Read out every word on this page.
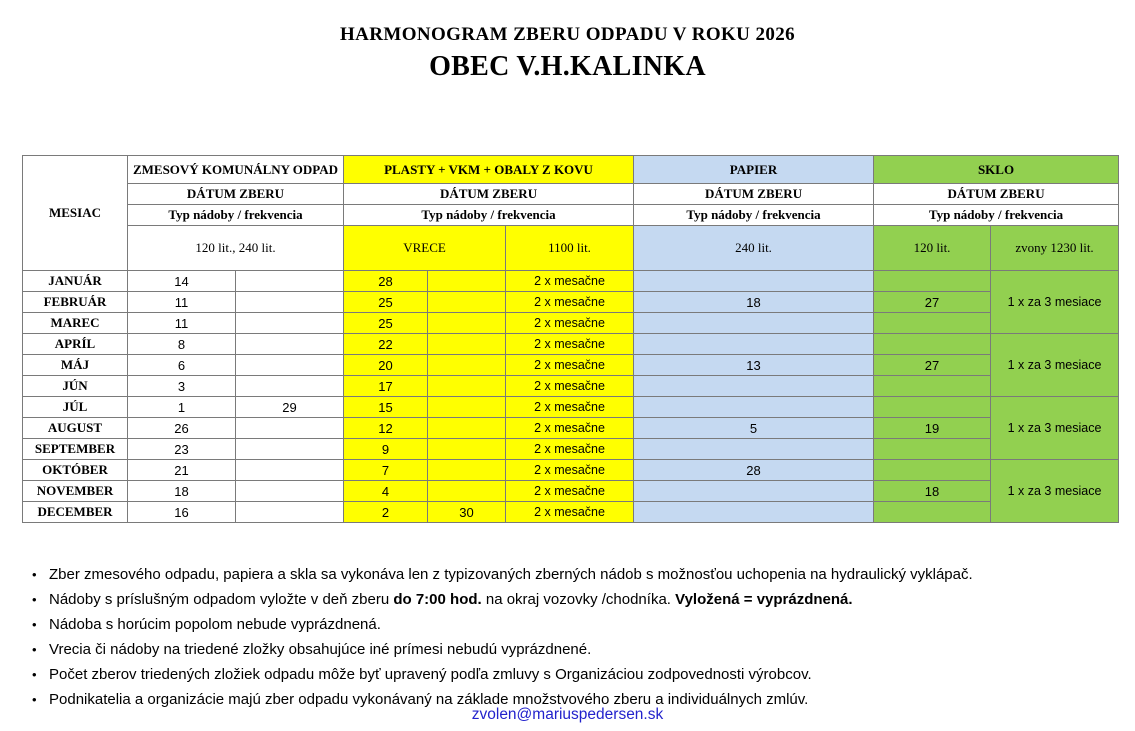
HARMONOGRAM ZBERU ODPADU V ROKU 2026
OBEC V.H.KALINKA
MESIAC	ZMESOVÝ KOMUNÁLNY ODPAD		PLASTY + VKM + OBALY Z KOVU			PAPIER	SKLO	
	DÁTUM ZBERU		DÁTUM ZBERU			DÁTUM ZBERU	DÁTUM ZBERU	
	Typ nádoby / frekvencia		Typ nádoby / frekvencia			Typ nádoby / frekvencia	Typ nádoby / frekvencia	
	120 lit., 240 lit.		VRECE		1100 lit.	240 lit.	120 lit.	zvony 1230 lit.
JANUÁR	14		28		2 x mesačne			1 x za 3 mesiace
FEBRUÁR	11		25		2 x mesačne	18	27	
MAREC	11		25		2 x mesačne			
APRÍL	8		22		2 x mesačne			1 x za 3 mesiace
MÁJ	6		20		2 x mesačne	13	27	
JÚN	3		17		2 x mesačne			
JÚL	1	29	15		2 x mesačne			1 x za 3 mesiace
AUGUST	26		12		2 x mesačne	5	19	
SEPTEMBER	23		9		2 x mesačne			
OKTÓBER	21		7		2 x mesačne	28		1 x za 3 mesiace
NOVEMBER	18		4		2 x mesačne		18	
DECEMBER	16		2	30	2 x mesačne			
• Zber zmesového odpadu, papiera a skla sa vykonáva len z typizovaných zberných nádob s možnosťou uchopenia na hydraulický vyklápač.
• Nádoby s príslušným odpadom vyložte v deň zberu do 7:00 hod. na okraj vozovky /chodníka. Vyložená = vyprázdnená.
• Nádoba s horúcim popolom nebude vyprázdnená.
• Vrecia či nádoby na triedené zložky obsahujúce iné prímesi nebudú vyprázdnené.
• Počet zberov triedených zložiek odpadu môže byť upravený podľa zmluvy s Organizáciou zodpovednosti výrobcov.
• Podnikatelia a organizácie majú zber odpadu vykonávaný na základe množstvového zberu a individuálnych zmlúv.
zvolen@mariuspedersen.sk
